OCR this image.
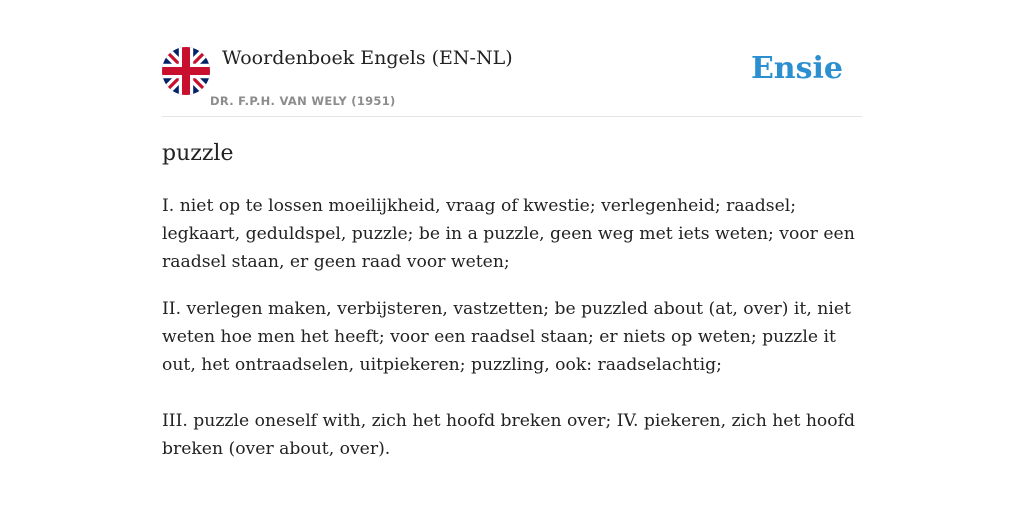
Woordenboek Engels (EN-NL)
DR. F.P.H. VAN WELY (1951)
Ensie
puzzle

I. niet op te lossen moeilijkheid, vraag of kwestie; verlegenheid; raadsel; legkaart, geduldspel, puzzle; be in a puzzle, geen weg met iets weten; voor een raadsel staan, er geen raad voor weten;

II. verlegen maken, verbijsteren, vastzetten; be puzzled about (at, over) it, niet weten hoe men het heeft; voor een raadsel staan; er niets op weten; puzzle it out, het ontraadselen, uitpiekeren; puzzling, ook: raadselachtig;

III. puzzle oneself with, zich het hoofd breken over; IV. piekeren, zich het hoofd breken (over about, over).
